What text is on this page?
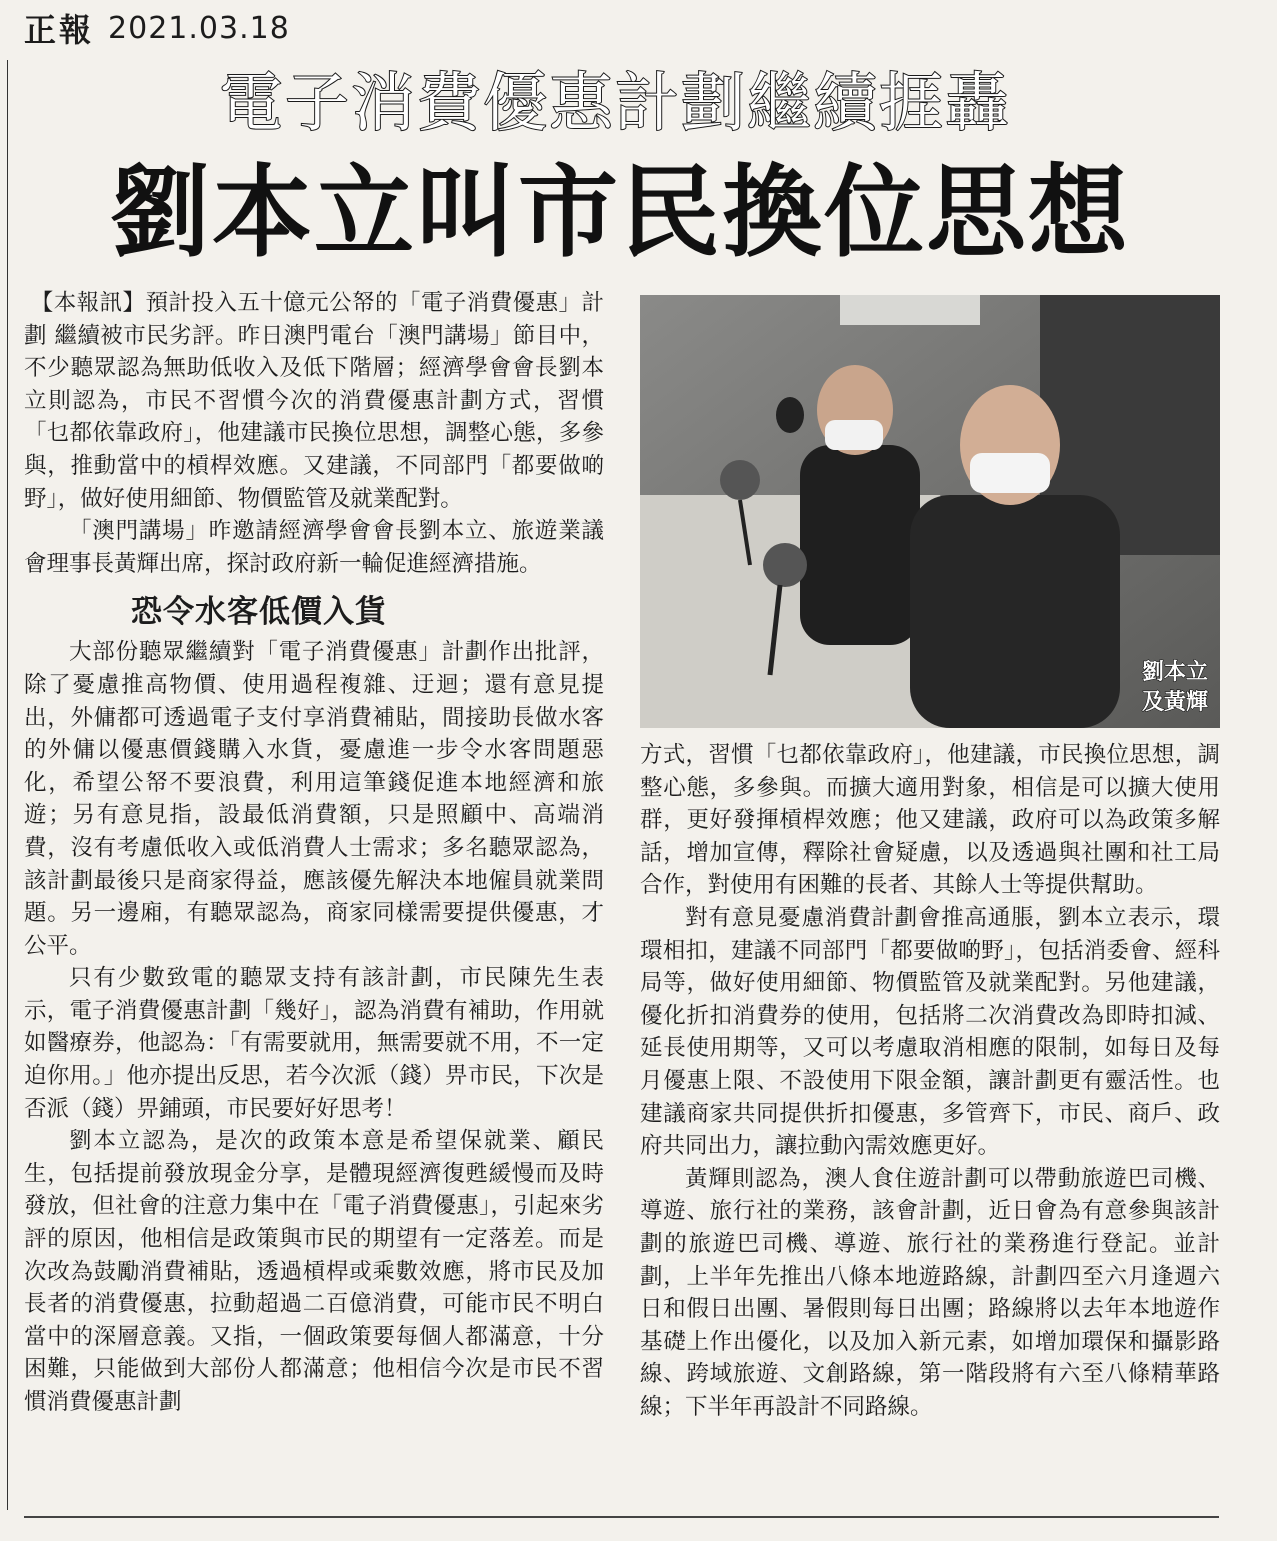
正報 2021.03.18
電子消費優惠計劃繼續捱轟
劉本立叫市民換位思想

【本報訊】預計投入五十億元公帑的「電子消費優惠」計劃 繼續被市民劣評。昨日澳門電台「澳門講場」節目中，不少聽眾認為無助低收入及低下階層；經濟學會會長劉本立則認為，市民不習慣今次的消費優惠計劃方式，習慣「乜都依靠政府」，他建議市民換位思想，調整心態，多參與，推動當中的槓桿效應。又建議，不同部門「都要做啲野」，做好使用細節、物價監管及就業配對。

「澳門講場」昨邀請經濟學會會長劉本立、旅遊業議會理事長黃輝出席，探討政府新一輪促進經濟措施。

恐令水客低價入貨

大部份聽眾繼續對「電子消費優惠」計劃作出批評，除了憂慮推高物價、使用過程複雜、迂迴；還有意見提出，外傭都可透過電子支付享消費補貼，間接助長做水客的外傭以優惠價錢購入水貨，憂慮進一步令水客問題惡化，希望公帑不要浪費，利用這筆錢促進本地經濟和旅遊；另有意見指，設最低消費額，只是照顧中、高端消費，沒有考慮低收入或低消費人士需求；多名聽眾認為，該計劃最後只是商家得益，應該優先解決本地僱員就業問題。另一邊廂，有聽眾認為，商家同樣需要提供優惠，才公平。

只有少數致電的聽眾支持有該計劃，市民陳先生表示，電子消費優惠計劃「幾好」，認為消費有補助，作用就如醫療券，他認為：「有需要就用，無需要就不用，不一定迫你用。」他亦提出反思，若今次派（錢）畀市民，下次是否派（錢）畀鋪頭，市民要好好思考！

劉本立認為，是次的政策本意是希望保就業、顧民生，包括提前發放現金分享，是體現經濟復甦緩慢而及時發放，但社會的注意力集中在「電子消費優惠」，引起來劣評的原因，他相信是政策與市民的期望有一定落差。而是次改為鼓勵消費補貼，透過槓桿或乘數效應，將市民及加長者的消費優惠，拉動超過二百億消費，可能市民不明白當中的深層意義。又指，一個政策要每個人都滿意，十分困難，只能做到大部份人都滿意；他相信今次是市民不習慣消費優惠計劃

劉本立
及黃輝

方式，習慣「乜都依靠政府」，他建議，市民換位思想，調整心態，多參與。而擴大適用對象，相信是可以擴大使用群，更好發揮槓桿效應；他又建議，政府可以為政策多解話，增加宣傳，釋除社會疑慮，以及透過與社團和社工局合作，對使用有困難的長者、其餘人士等提供幫助。

對有意見憂慮消費計劃會推高通脹，劉本立表示，環環相扣，建議不同部門「都要做啲野」，包括消委會、經科局等，做好使用細節、物價監管及就業配對。另他建議，優化折扣消費券的使用，包括將二次消費改為即時扣減、延長使用期等，又可以考慮取消相應的限制，如每日及每月優惠上限、不設使用下限金額，讓計劃更有靈活性。也建議商家共同提供折扣優惠，多管齊下，市民、商戶、政府共同出力，讓拉動內需效應更好。

黃輝則認為，澳人食住遊計劃可以帶動旅遊巴司機、導遊、旅行社的業務，該會計劃，近日會為有意參與該計劃的旅遊巴司機、導遊、旅行社的業務進行登記。並計劃，上半年先推出八條本地遊路線，計劃四至六月逢週六日和假日出團、暑假則每日出團；路線將以去年本地遊作基礎上作出優化，以及加入新元素，如增加環保和攝影路線、跨域旅遊、文創路線，第一階段將有六至八條精華路線；下半年再設計不同路線。
